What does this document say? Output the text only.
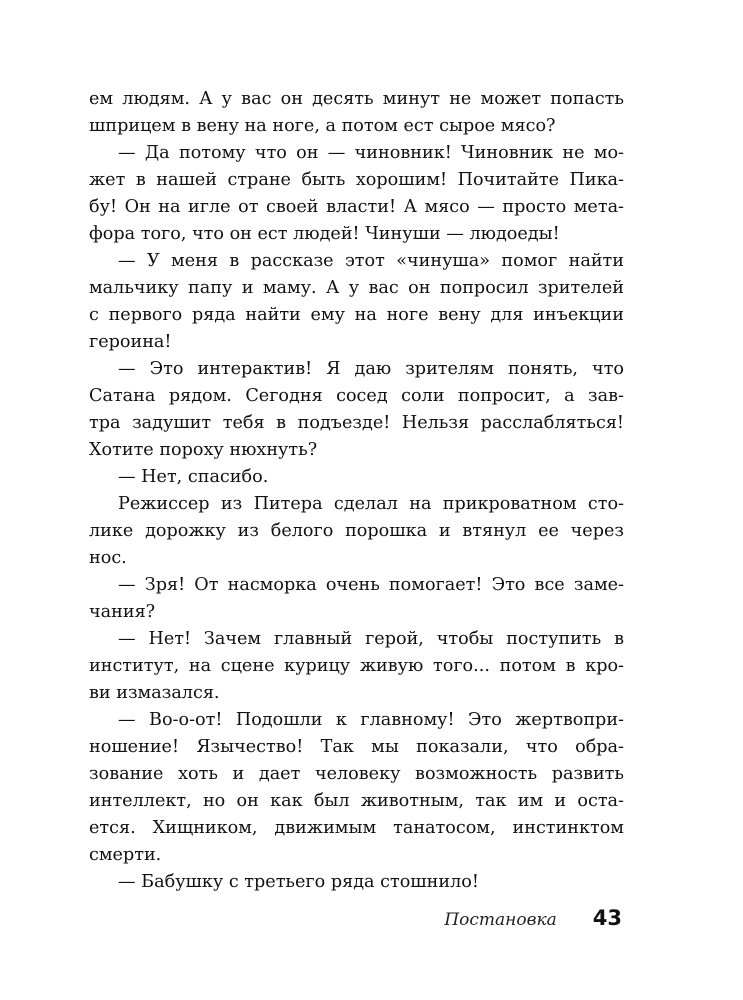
ем людям. А у вас он десять минут не может попасть
шприцем в вену на ноге, а потом ест сырое мясо?
— Да потому что он — чиновник! Чиновник не мо-
жет в нашей стране быть хорошим! Почитайте Пика-
бу! Он на игле от своей власти! А мясо — просто мета-
фора того, что он ест людей! Чинуши — людоеды!
— У меня в рассказе этот «чинуша» помог найти
мальчику папу и маму. А у вас он попросил зрителей
с первого ряда найти ему на ноге вену для инъекции
героина!
— Это интерактив! Я даю зрителям понять, что
Сатана рядом. Сегодня сосед соли попросит, а зав-
тра задушит тебя в подъезде! Нельзя расслабляться!
Хотите пороху нюхнуть?
— Нет, спасибо.
Режиссер из Питера сделал на прикроватном сто-
лике дорожку из белого порошка и втянул ее через
нос.
— Зря! От насморка очень помогает! Это все заме-
чания?
— Нет! Зачем главный герой, чтобы поступить в
институт, на сцене курицу живую того... потом в кро-
ви измазался.
— Во-о-от! Подошли к главному! Это жертвопри-
ношение! Язычество! Так мы показали, что обра-
зование хоть и дает человеку возможность развить
интеллект, но он как был животным, так им и оста-
ется. Хищником, движимым танатосом, инстинктом
смерти.
— Бабушку с третьего ряда стошнило!
Постановка 43
